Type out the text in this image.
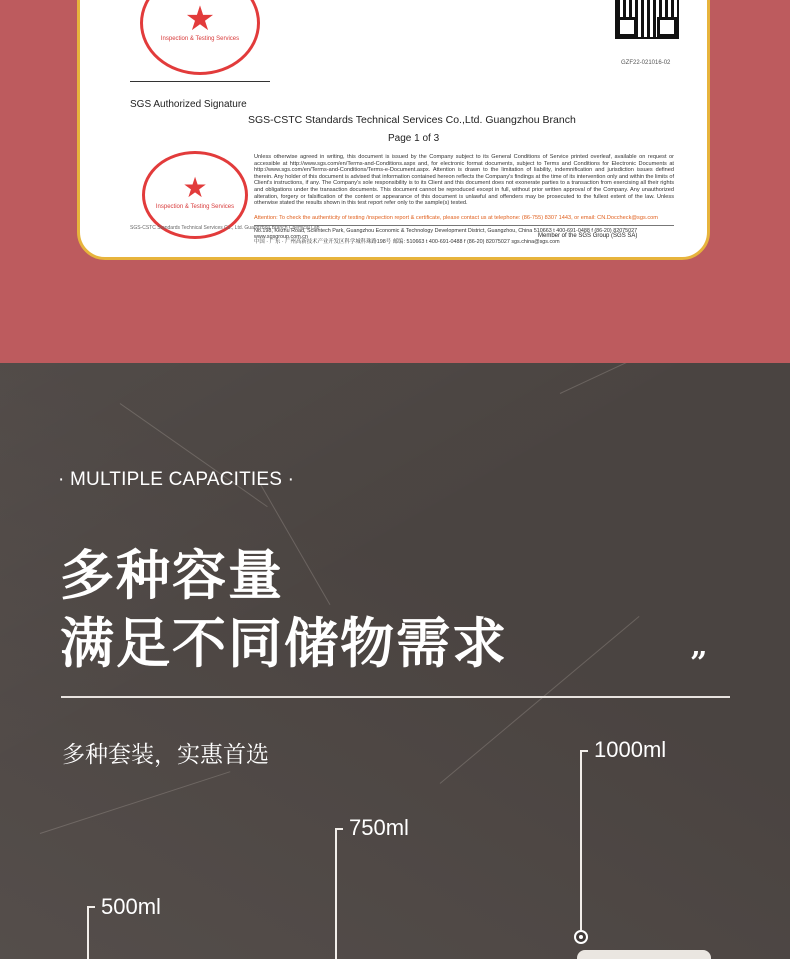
★
Inspection & Testing Services
GZF22-021016-02
SGS Authorized Signature
SGS-CSTC Standards Technical Services Co.,Ltd. Guangzhou Branch
Page 1 of 3
★
Inspection & Testing Services
Unless otherwise agreed in writing, this document is issued by the Company subject to its General Conditions of Service printed overleaf, available on request or accessible at http://www.sgs.com/en/Terms-and-Conditions.aspx and, for electronic format documents, subject to Terms and Conditions for Electronic Documents at http://www.sgs.com/en/Terms-and-Conditions/Terms-e-Document.aspx. Attention is drawn to the limitation of liability, indemnification and jurisdiction issues defined therein. Any holder of this document is advised that information contained hereon reflects the Company's findings at the time of its intervention only and within the limits of Client's instructions, if any. The Company's sole responsibility is to its Client and this document does not exonerate parties to a transaction from exercising all their rights and obligations under the transaction documents. This document cannot be reproduced except in full, without prior written approval of the Company. Any unauthorized alteration, forgery or falsification of the content or appearance of this document is unlawful and offenders may be prosecuted to the fullest extent of the law. Unless otherwise stated the results shown in this test report refer only to the sample(s) tested.
Attention: To check the authenticity of testing /inspection report & certificate, please contact us at telephone: (86-755) 8307 1443, or email: CN.Doccheck@sgs.com
No.198, Kezhu Road, Scientech Park, Guangzhou Economic & Technology Development District, Guangzhou, China 510663 t 400-691-0488 f (86-20) 82075027 www.sgsgroup.com.cn
中国 · 广东 · 广州高新技术产业开发区科学城科珠路198号 邮编: 510663 t 400-691-0488 f (86-20) 82075027 sgs.china@sgs.com
SGS-CSTC Standards Technical Services Co., Ltd. Guangzhou Branch Chemical Lab
Member of the SGS Group (SGS SA)
· MULTIPLE CAPACITIES ·
多种容量
满足不同储物需求	”
多种套装，实惠首选	1000ml
750ml
500ml
